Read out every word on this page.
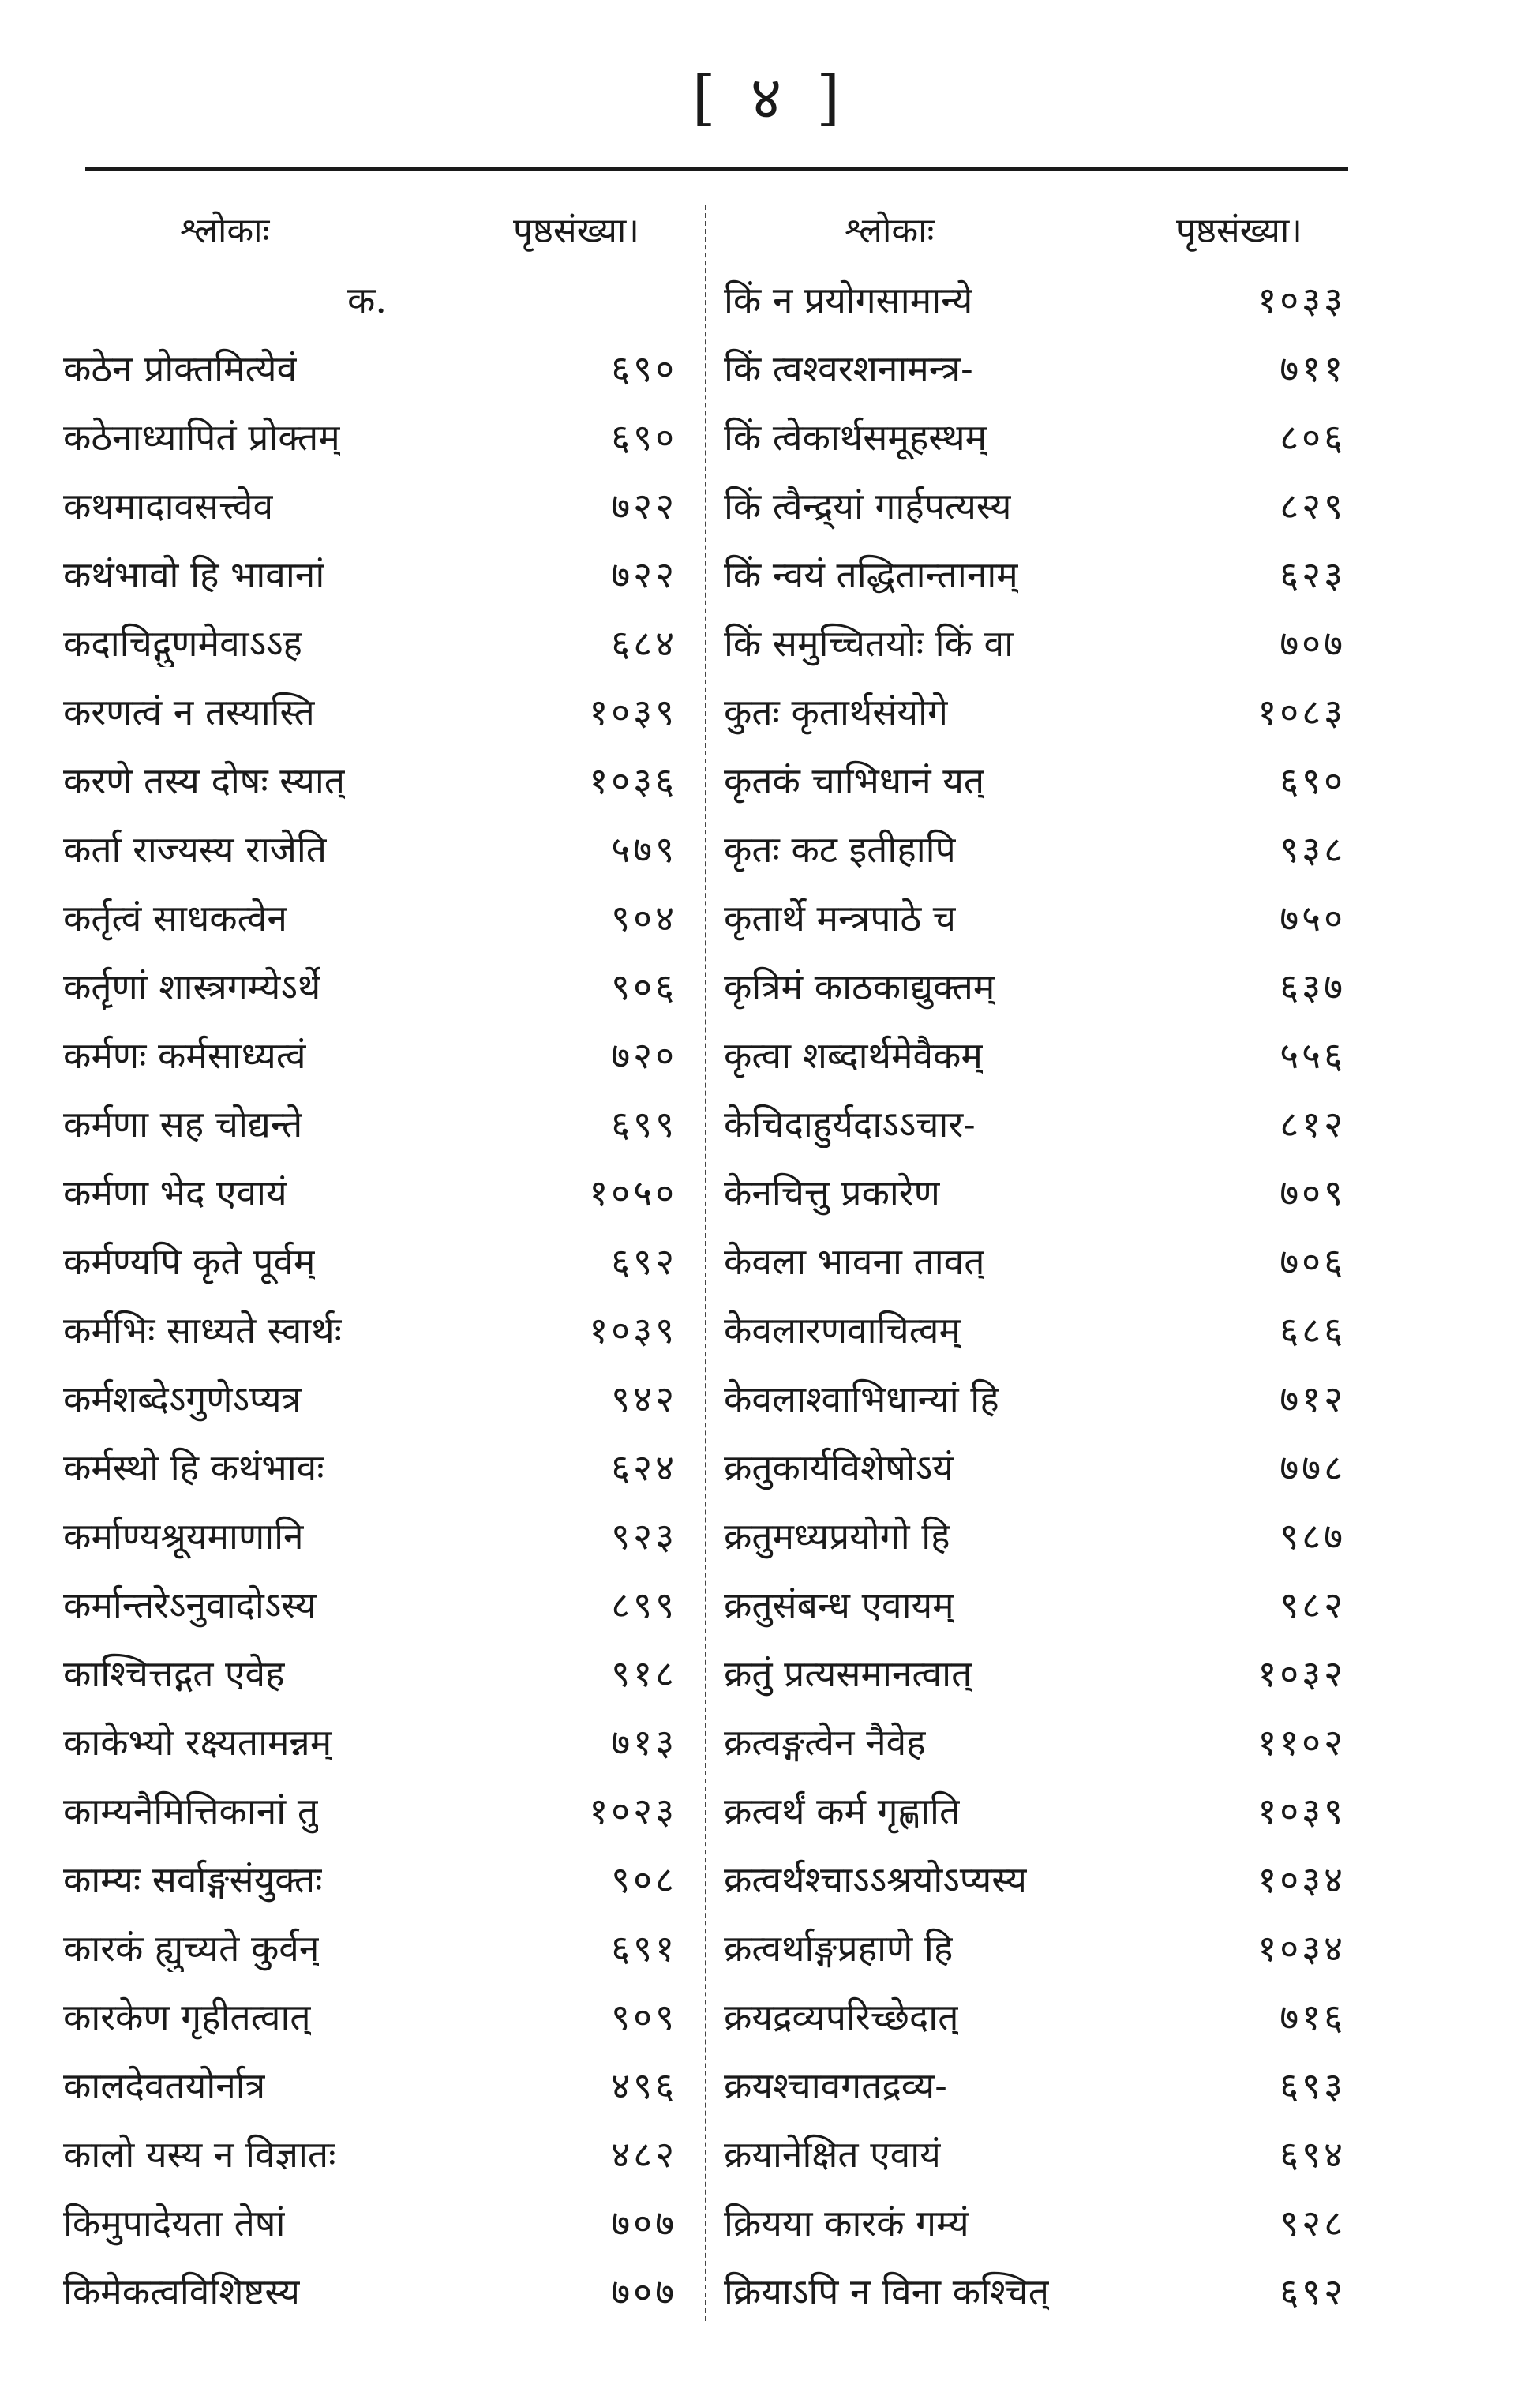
[ ४ ]
श्लोकाः	पृष्ठसंख्या।	श्लोकाः	पृष्ठसंख्या।
क.
कठेन प्रोक्तमित्येवं	६९०
कठेनाध्यापितं प्रोक्तम्	६९०
कथमादावसत्त्वेव	७२२
कथंभावो हि भावानां	७२२
कदाचिद्गुणमेवाऽऽह	६८४
करणत्वं न तस्यास्ति	१०३९
करणे तस्य दोषः स्यात्	१०३६
कर्ता राज्यस्य राजेति	५७९
कर्तृत्वं साधकत्वेन	९०४
कर्तॄणां शास्त्रगम्येऽर्थे	९०६
कर्मणः कर्मसाध्यत्वं	७२०
कर्मणा सह चोद्यन्ते	६९९
कर्मणा भेद एवायं	१०५०
कर्मण्यपि कृते पूर्वम्	६९२
कर्मभिः साध्यते स्वार्थः	१०३९
कर्मशब्देऽगुणेऽप्यत्र	९४२
कर्मस्थो हि कथंभावः	६२४
कर्माण्यश्रूयमाणानि	९२३
कर्मान्तरेऽनुवादोऽस्य	८९९
काश्चित्तद्गत एवेह	९१८
काकेभ्यो रक्ष्यतामन्नम्	७१३
काम्यनैमित्तिकानां तु	१०२३
काम्यः सर्वाङ्गसंयुक्तः	९०८
कारकं ह्युच्यते कुर्वन्	६९१
कारकेण गृहीतत्वात्	९०९
कालदेवतयोर्नात्र	४९६
कालो यस्य न विज्ञातः	४८२
किमुपादेयता तेषां	७०७
किमेकत्वविशिष्टस्य	७०७
किं न प्रयोगसामान्ये	१०३३
किं त्वश्वरशनामन्त्र-	७११
किं त्वेकार्थसमूहस्थम्	८०६
किं त्वैन्द्र्यां गार्हपत्यस्य	८२९
किं न्वयं तद्धितान्तानाम्	६२३
किं समुच्चितयोः किं वा	७०७
कुतः कृतार्थसंयोगे	१०८३
कृतकं चाभिधानं यत्	६९०
कृतः कट इतीहापि	९३८
कृतार्थे मन्त्रपाठे च	७५०
कृत्रिमं काठकाद्युक्तम्	६३७
कृत्वा शब्दार्थमेवैकम्	५५६
केचिदाहुर्यदाऽऽचार-	८१२
केनचित्तु प्रकारेण	७०९
केवला भावना तावत्	७०६
केवलारणवाचित्वम्	६८६
केवलाश्वाभिधान्यां हि	७१२
क्रतुकार्यविशेषोऽयं	७७८
क्रतुमध्यप्रयोगो हि	९८७
क्रतुसंबन्ध एवायम्	९८२
क्रतुं प्रत्यसमानत्वात्	१०३२
क्रत्वङ्गत्वेन नैवेह	११०२
क्रत्वर्थं कर्म गृह्णाति	१०३९
क्रत्वर्थश्चाऽऽश्रयोऽप्यस्य	१०३४
क्रत्वर्थाङ्गप्रहाणे हि	१०३४
क्रयद्रव्यपरिच्छेदात्	७१६
क्रयश्चावगतद्रव्य-	६९३
क्रयानेक्षित एवायं	६९४
क्रियया कारकं गम्यं	९२८
क्रियाऽपि न विना कश्चित्	६९२
